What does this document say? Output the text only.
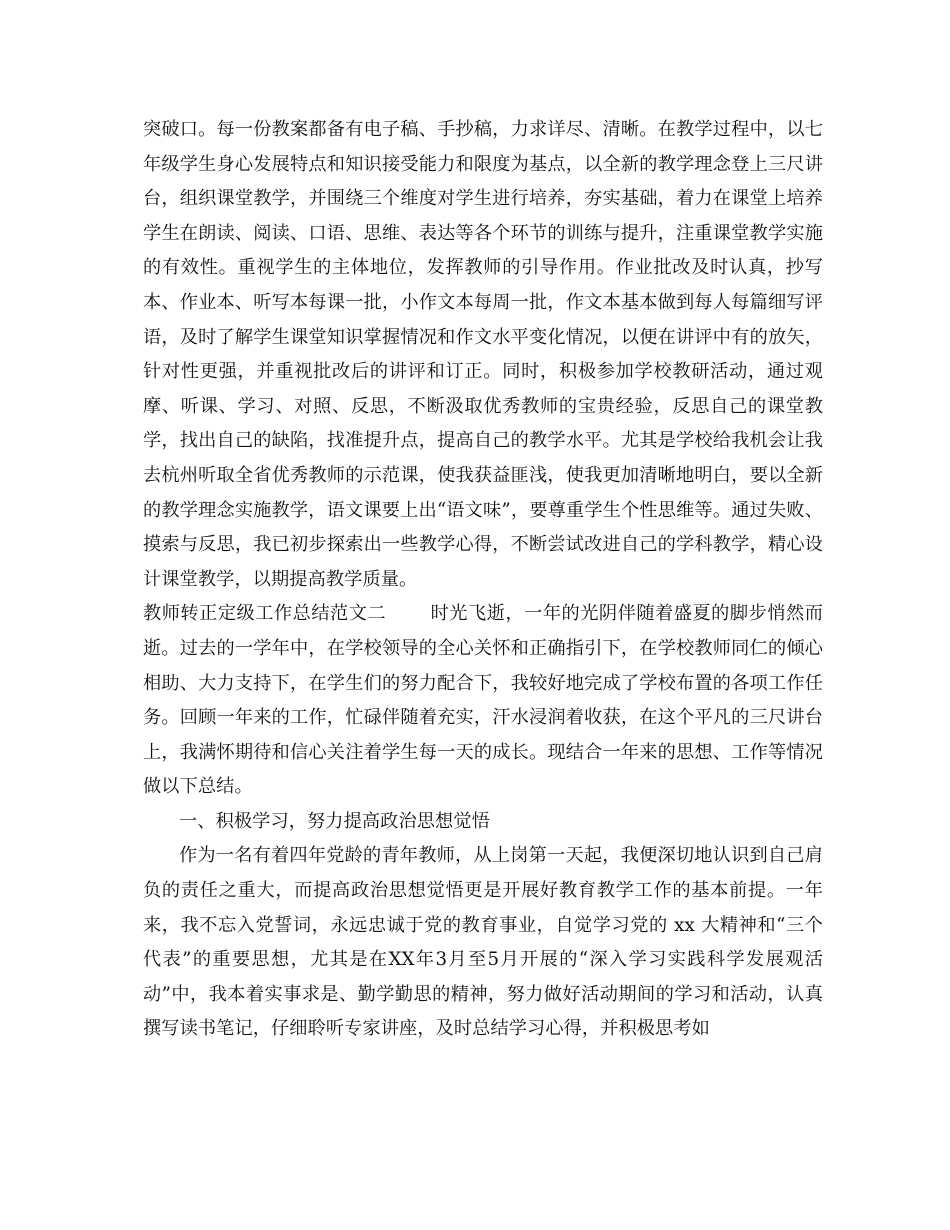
突破口。每一份教案都备有电子稿、手抄稿，力求详尽、清晰。在教学过程中，以七年级学生身心发展特点和知识接受能力和限度为基点，以全新的教学理念登上三尺讲台，组织课堂教学，并围绕三个维度对学生进行培养，夯实基础，着力在课堂上培养学生在朗读、阅读、口语、思维、表达等各个环节的训练与提升，注重课堂教学实施的有效性。重视学生的主体地位，发挥教师的引导作用。作业批改及时认真，抄写本、作业本、听写本每课一批，小作文本每周一批，作文本基本做到每人每篇细写评语，及时了解学生课堂知识掌握情况和作文水平变化情况，以便在讲评中有的放矢，针对性更强，并重视批改后的讲评和订正。同时，积极参加学校教研活动，通过观摩、听课、学习、对照、反思，不断汲取优秀教师的宝贵经验，反思自己的课堂教学，找出自己的缺陷，找准提升点，提高自己的教学水平。尤其是学校给我机会让我去杭州听取全省优秀教师的示范课，使我获益匪浅，使我更加清晰地明白，要以全新的教学理念实施教学，语文课要上出“语文味”，要尊重学生个性思维等。通过失败、摸索与反思，我已初步探索出一些教学心得，不断尝试改进自己的学科教学，精心设计课堂教学，以期提高教学质量。

教师转正定级工作总结范文二 时光飞逝，一年的光阴伴随着盛夏的脚步悄然而逝。过去的一学年中，在学校领导的全心关怀和正确指引下，在学校教师同仁的倾心相助、大力支持下，在学生们的努力配合下，我较好地完成了学校布置的各项工作任务。回顾一年来的工作，忙碌伴随着充实，汗水浸润着收获，在这个平凡的三尺讲台上，我满怀期待和信心关注着学生每一天的成长。现结合一年来的思想、工作等情况做以下总结。

一、积极学习，努力提高政治思想觉悟

作为一名有着四年党龄的青年教师，从上岗第一天起，我便深切地认识到自己肩负的责任之重大，而提高政治思想觉悟更是开展好教育教学工作的基本前提。一年来，我不忘入党誓词，永远忠诚于党的教育事业，自觉学习党的 xx 大精神和“三个代表”的重要思想，尤其是在XX年3月至5月开展的“深入学习实践科学发展观活动”中，我本着实事求是、勤学勤思的精神，努力做好活动期间的学习和活动，认真撰写读书笔记，仔细聆听专家讲座，及时总结学习心得，并积极思考如
